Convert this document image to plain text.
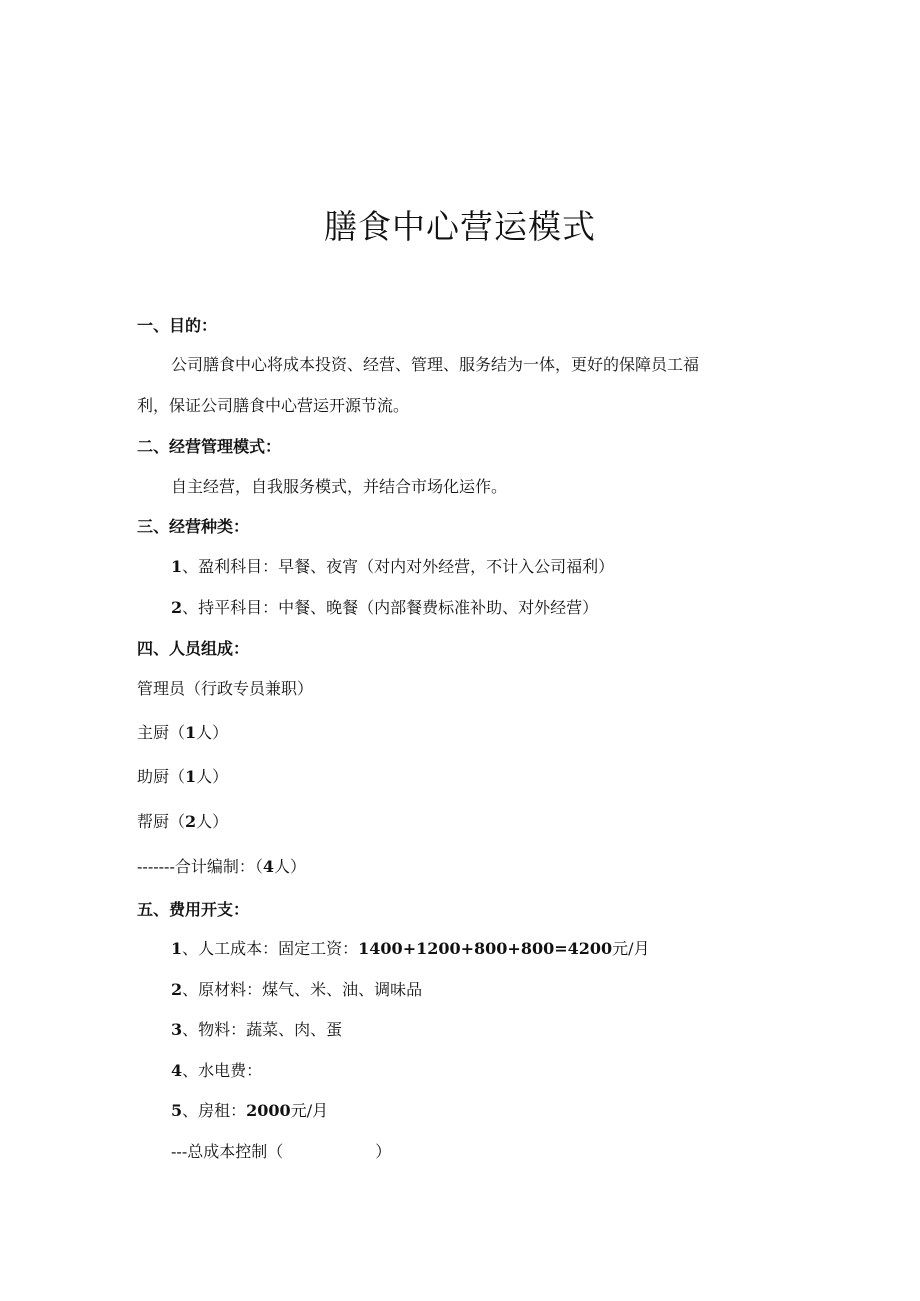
膳食中心营运模式
一、目的：
公司膳食中心将成本投资、经营、管理、服务结为一体，更好的保障员工福
利，保证公司膳食中心营运开源节流。
二、经营管理模式：
自主经营，自我服务模式，并结合市场化运作。
三、经营种类：
1、盈利科目：早餐、夜宵（对内对外经营，不计入公司福利）
2、持平科目：中餐、晚餐（内部餐费标准补助、对外经营）
四、人员组成：
管理员（行政专员兼职）
主厨（1人）
助厨（1人）
帮厨（2人）
-------合计编制：（4人）
五、费用开支：
1、人工成本：固定工资：1400+1200+800+800=4200元/月
2、原材料：煤气、米、油、调味品
3、物料：蔬菜、肉、蛋
4、水电费：
5、房租：2000元/月
---总成本控制（	）
